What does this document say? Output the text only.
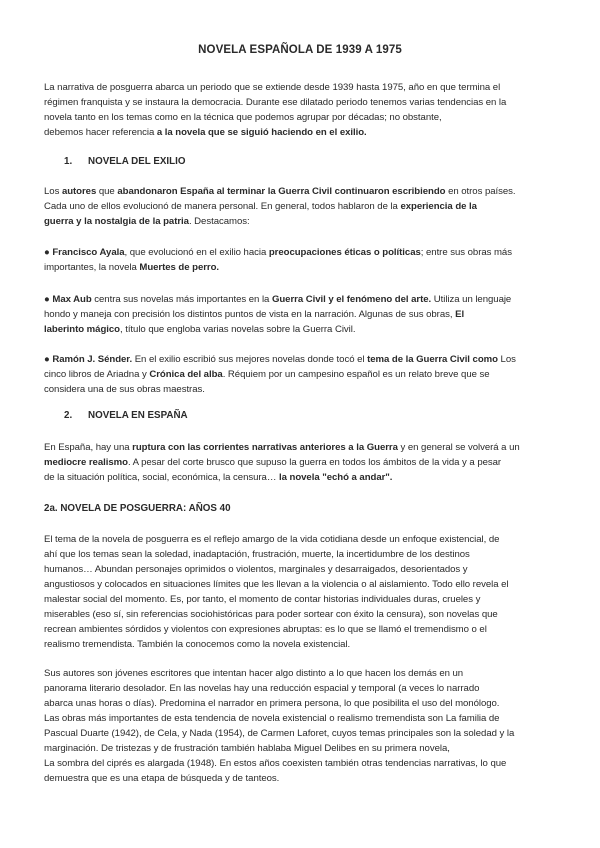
NOVELA ESPAÑOLA DE 1939 A 1975
La narrativa de posguerra abarca un periodo que se extiende desde 1939 hasta 1975, año en que termina el
régimen franquista y se instaura la democracia. Durante ese dilatado periodo tenemos varias tendencias en la
novela tanto en los temas como en la técnica que podemos agrupar por décadas; no obstante,
debemos hacer referencia a la novela que se siguió haciendo en el exilio.
1. NOVELA DEL EXILIO
Los autores que abandonaron España al terminar la Guerra Civil continuaron escribiendo en otros países.
Cada uno de ellos evolucionó de manera personal. En general, todos hablaron de la experiencia de la
guerra y la nostalgia de la patria. Destacamos:
● Francisco Ayala, que evolucionó en el exilio hacia preocupaciones éticas o políticas; entre sus obras más
importantes, la novela Muertes de perro.
● Max Aub centra sus novelas más importantes en la Guerra Civil y el fenómeno del arte. Utiliza un lenguaje
hondo y maneja con precisión los distintos puntos de vista en la narración. Algunas de sus obras, El
laberinto mágico, título que engloba varias novelas sobre la Guerra Civil.
● Ramón J. Sénder. En el exilio escribió sus mejores novelas donde tocó el tema de la Guerra Civil como Los
cinco libros de Ariadna y Crónica del alba. Réquiem por un campesino español es un relato breve que se
considera una de sus obras maestras.
2. NOVELA EN ESPAÑA
En España, hay una ruptura con las corrientes narrativas anteriores a la Guerra y en general se volverá a un
mediocre realismo. A pesar del corte brusco que supuso la guerra en todos los ámbitos de la vida y a pesar
de la situación política, social, económica, la censura… la novela "echó a andar".
2a. NOVELA DE POSGUERRA: AÑOS 40
El tema de la novela de posguerra es el reflejo amargo de la vida cotidiana desde un enfoque existencial, de
ahí que los temas sean la soledad, inadaptación, frustración, muerte, la incertidumbre de los destinos
humanos… Abundan personajes oprimidos o violentos, marginales y desarraigados, desorientados y
angustiosos y colocados en situaciones límites que les llevan a la violencia o al aislamiento. Todo ello revela el
malestar social del momento. Es, por tanto, el momento de contar historias individuales duras, crueles y
miserables (eso sí, sin referencias sociohistóricas para poder sortear con éxito la censura), son novelas que
recrean ambientes sórdidos y violentos con expresiones abruptas: es lo que se llamó el tremendismo o el
realismo tremendista. También la conocemos como la novela existencial.
Sus autores son jóvenes escritores que intentan hacer algo distinto a lo que hacen los demás en un
panorama literario desolador. En las novelas hay una reducción espacial y temporal (a veces lo narrado
abarca unas horas o días). Predomina el narrador en primera persona, lo que posibilita el uso del monólogo.
Las obras más importantes de esta tendencia de novela existencial o realismo tremendista son La familia de
Pascual Duarte (1942), de Cela, y Nada (1954), de Carmen Laforet, cuyos temas principales son la soledad y la
marginación. De tristezas y de frustración también hablaba Miguel Delibes en su primera novela,
La sombra del ciprés es alargada (1948). En estos años coexisten también otras tendencias narrativas, lo que
demuestra que es una etapa de búsqueda y de tanteos.
